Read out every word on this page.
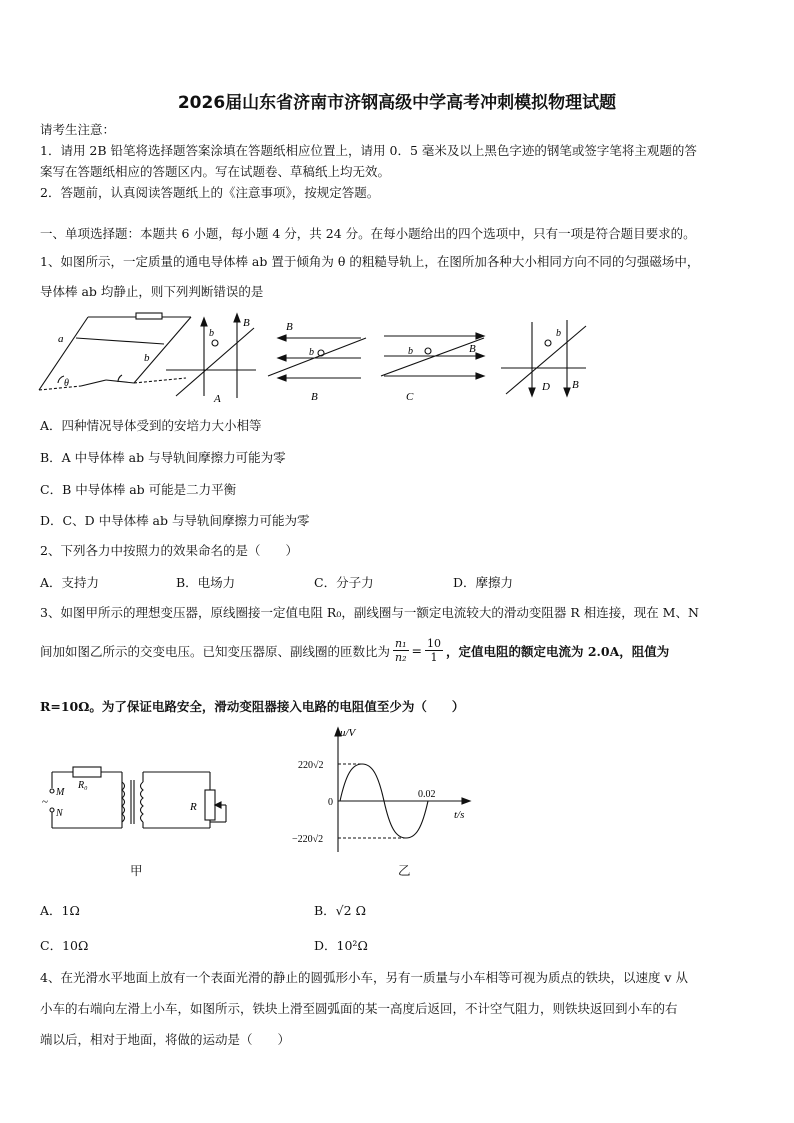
2026届山东省济南市济钢高级中学高考冲刺模拟物理试题
请考生注意：
1．请用 2B 铅笔将选择题答案涂填在答题纸相应位置上，请用 0．5 毫米及以上黑色字迹的钢笔或签字笔将主观题的答
案写在答题纸相应的答题区内。写在试题卷、草稿纸上均无效。
2．答题前，认真阅读答题纸上的《注意事项》，按规定答题。
一、单项选择题：本题共 6 小题，每小题 4 分，共 24 分。在每小题给出的四个选项中，只有一项是符合题目要求的。
1、如图所示，一定质量的通电导体棒 ab 置于倾角为 θ 的粗糙导轨上，在图所加各种大小相同方向不同的匀强磁场中，
导体棒 ab 均静止，则下列判断错误的是
a
b
θ
b
B
A
B
b
B
b	B
C
b
B
D
A．四种情况导体受到的安培力大小相等
B．A 中导体棒 ab 与导轨间摩擦力可能为零
C．B 中导体棒 ab 可能是二力平衡
D．C、D 中导体棒 ab 与导轨间摩擦力可能为零
2、下列各力中按照力的效果命名的是（　　）
A．支持力	B．电场力	C．分子力	D．摩擦力
3、如图甲所示的理想变压器，原线圈接一定值电阻 R₀，副线圈与一额定电流较大的滑动变阻器 R 相连接，现在 M、N
间加如图乙所示的交变电压。已知变压器原、副线圈的匝数比为 $\frac{\text{n₁}}{\text{n₂}} = \frac{10}{1}$ ，定值电阻的额定电流为 2.0A，阻值为
R=10Ω。为了保证电路安全，滑动变阻器接入电路的电阻值至少为（　　）
R₀
M
~
N
R
甲
u/V
220√2
0
−220√2
0.02
t/s
乙
A．1Ω	B．√2 Ω
C．10Ω	D．10²Ω
4、在光滑水平地面上放有一个表面光滑的静止的圆弧形小车，另有一质量与小车相等可视为质点的铁块，以速度 v 从
小车的右端向左滑上小车，如图所示，铁块上滑至圆弧面的某一高度后返回，不计空气阻力，则铁块返回到小车的右
端以后，相对于地面，将做的运动是（　　）
